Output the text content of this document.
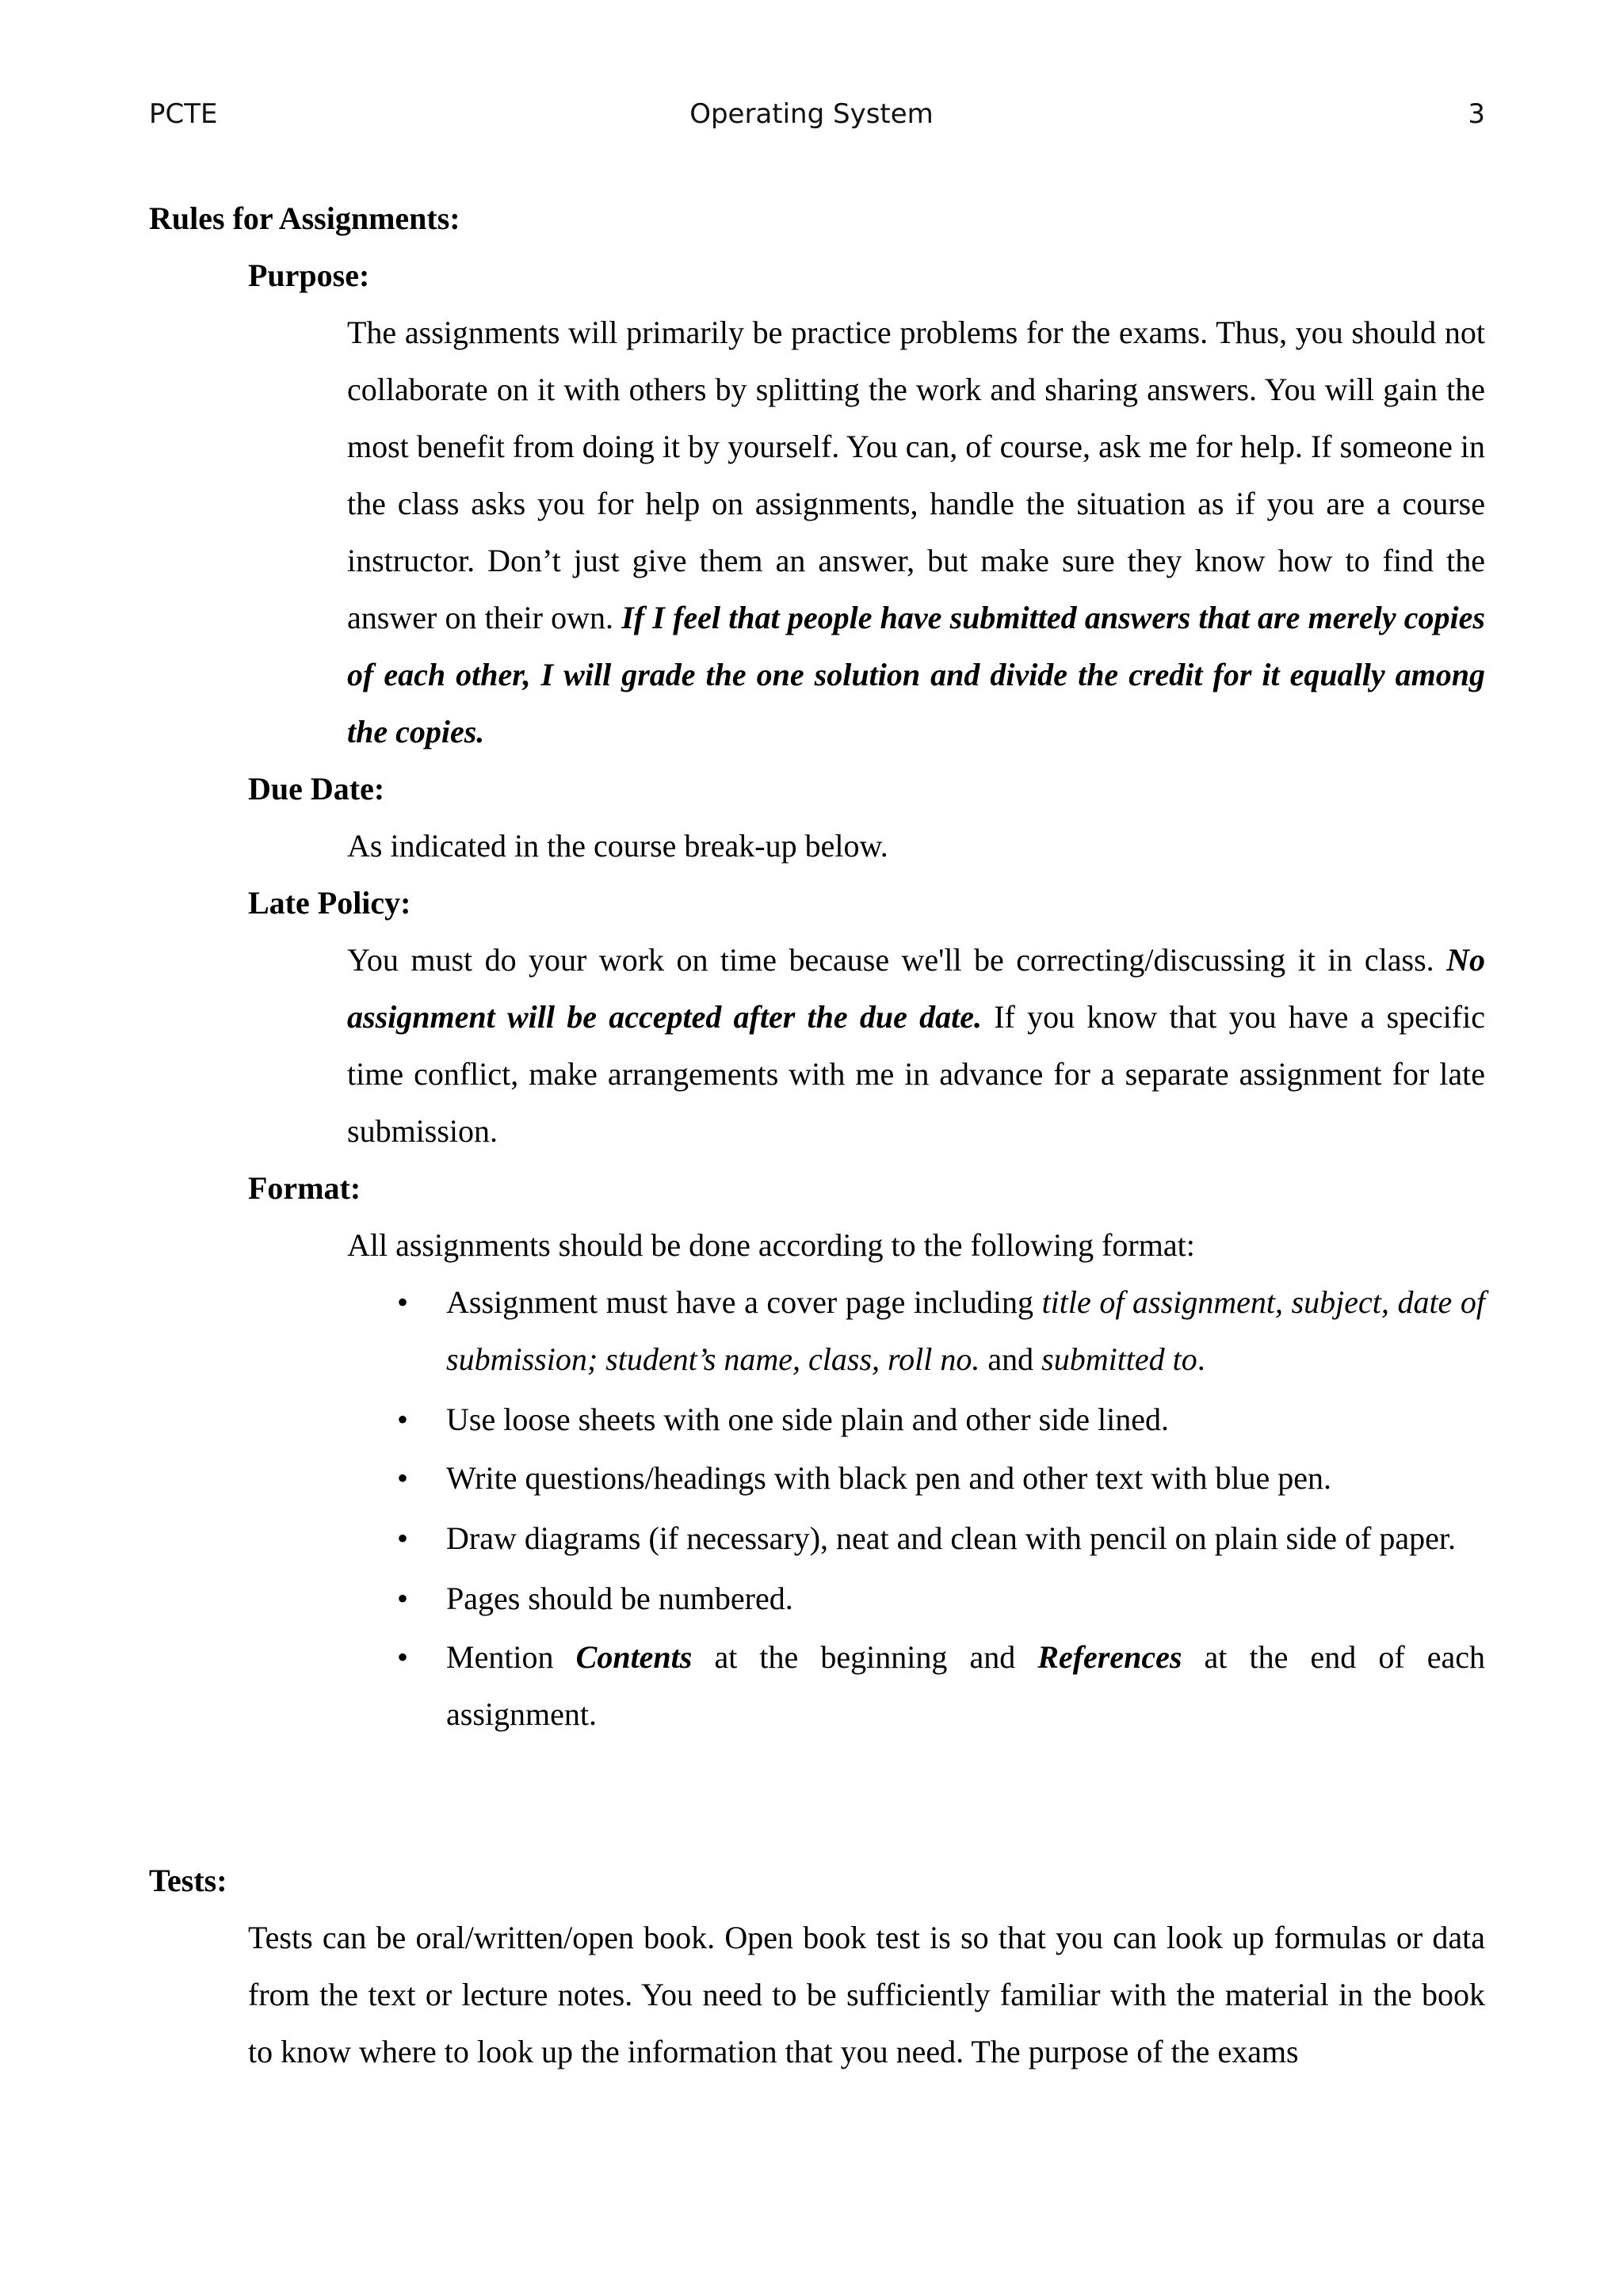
PCTE	Operating System	3
Rules for Assignments:
Purpose:
The assignments will primarily be practice problems for the exams. Thus, you should not collaborate on it with others by splitting the work and sharing answers. You will gain the most benefit from doing it by yourself. You can, of course, ask me for help. If someone in the class asks you for help on assignments, handle the situation as if you are a course instructor. Don’t just give them an answer, but make sure they know how to find the answer on their own. If I feel that people have submitted answers that are merely copies of each other, I will grade the one solution and divide the credit for it equally among the copies.
Due Date:
As indicated in the course break-up below.
Late Policy:
You must do your work on time because we'll be correcting/discussing it in class. No assignment will be accepted after the due date. If you know that you have a specific time conflict, make arrangements with me in advance for a separate assignment for late submission.
Format:
All assignments should be done according to the following format:
• Assignment must have a cover page including title of assignment, subject, date of submission; student’s name, class, roll no. and submitted to.
• Use loose sheets with one side plain and other side lined.
• Write questions/headings with black pen and other text with blue pen.
• Draw diagrams (if necessary), neat and clean with pencil on plain side of paper.
• Pages should be numbered.
• Mention Contents at the beginning and References at the end of each assignment.
Tests:
Tests can be oral/written/open book. Open book test is so that you can look up formulas or data from the text or lecture notes. You need to be sufficiently familiar with the material in the book to know where to look up the information that you need. The purpose of the exams
